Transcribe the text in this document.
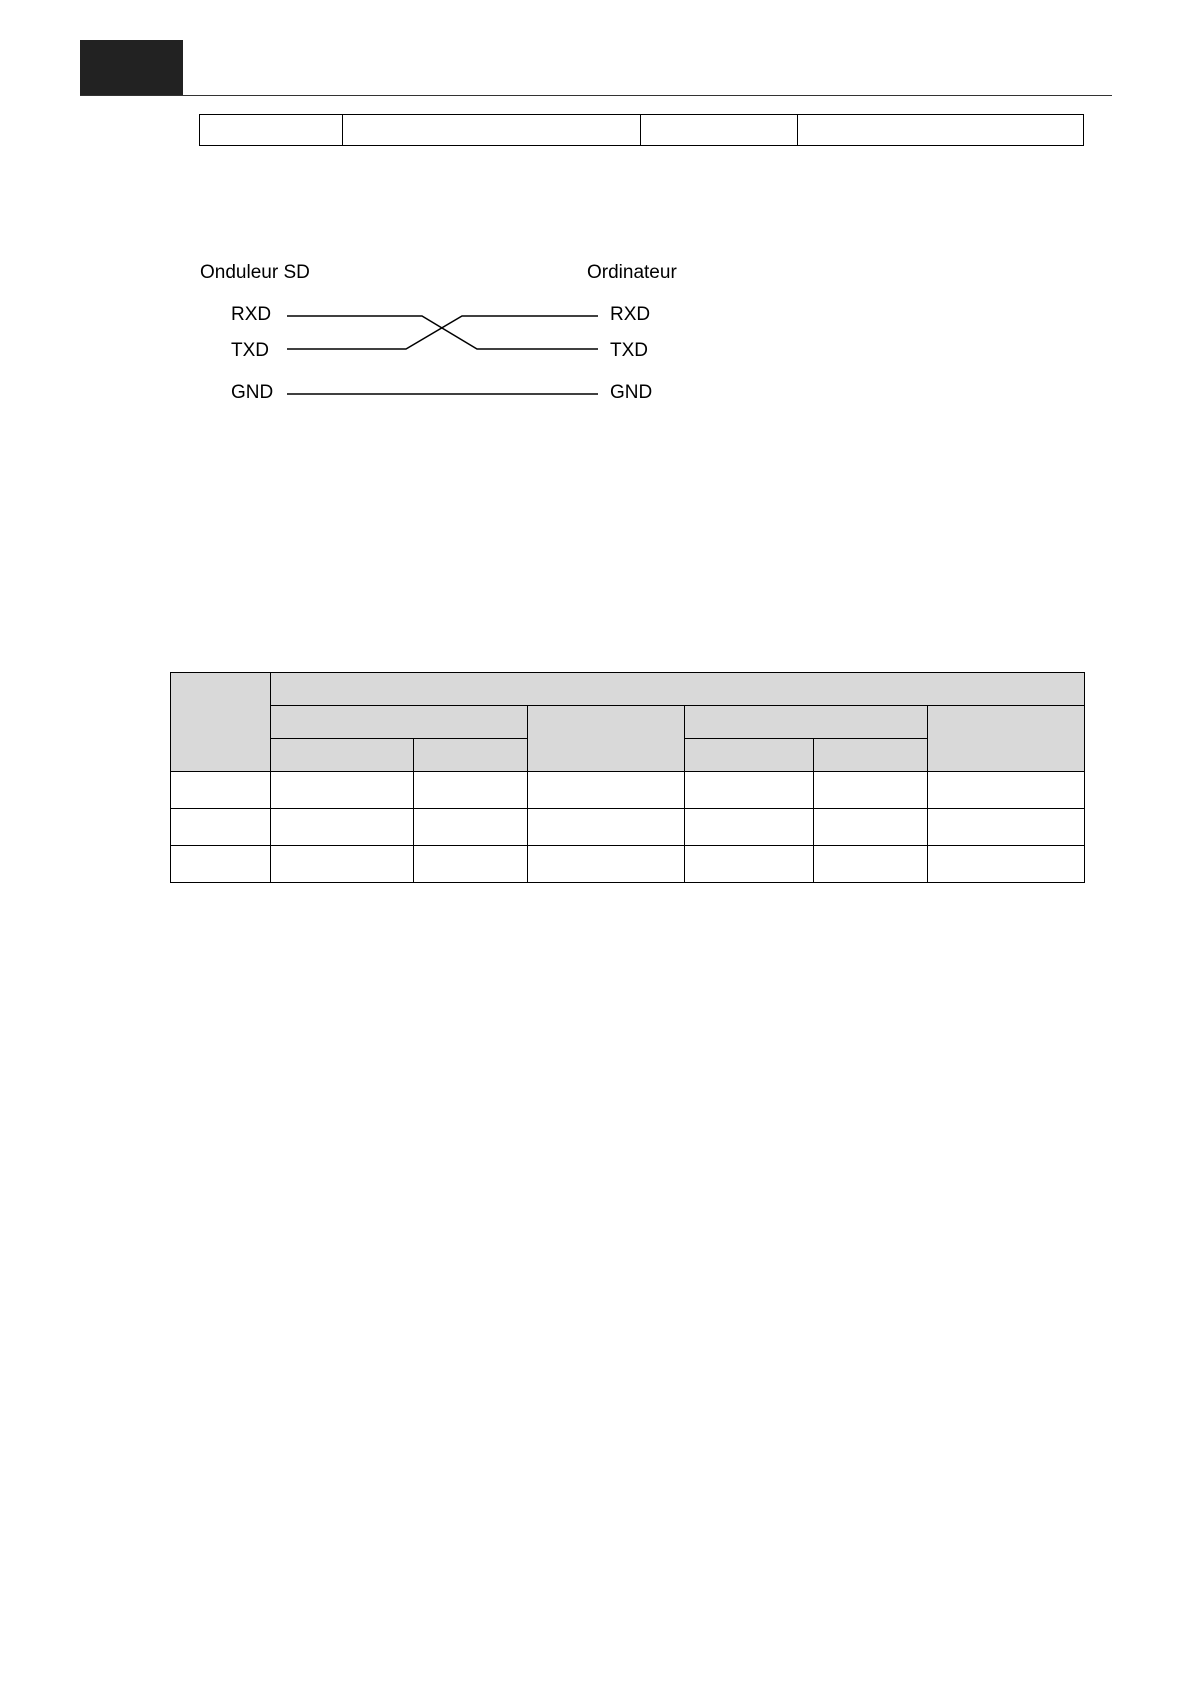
Onduleur SD	Ordinateur
RXD
TXD
GND
RXD
TXD
GND
